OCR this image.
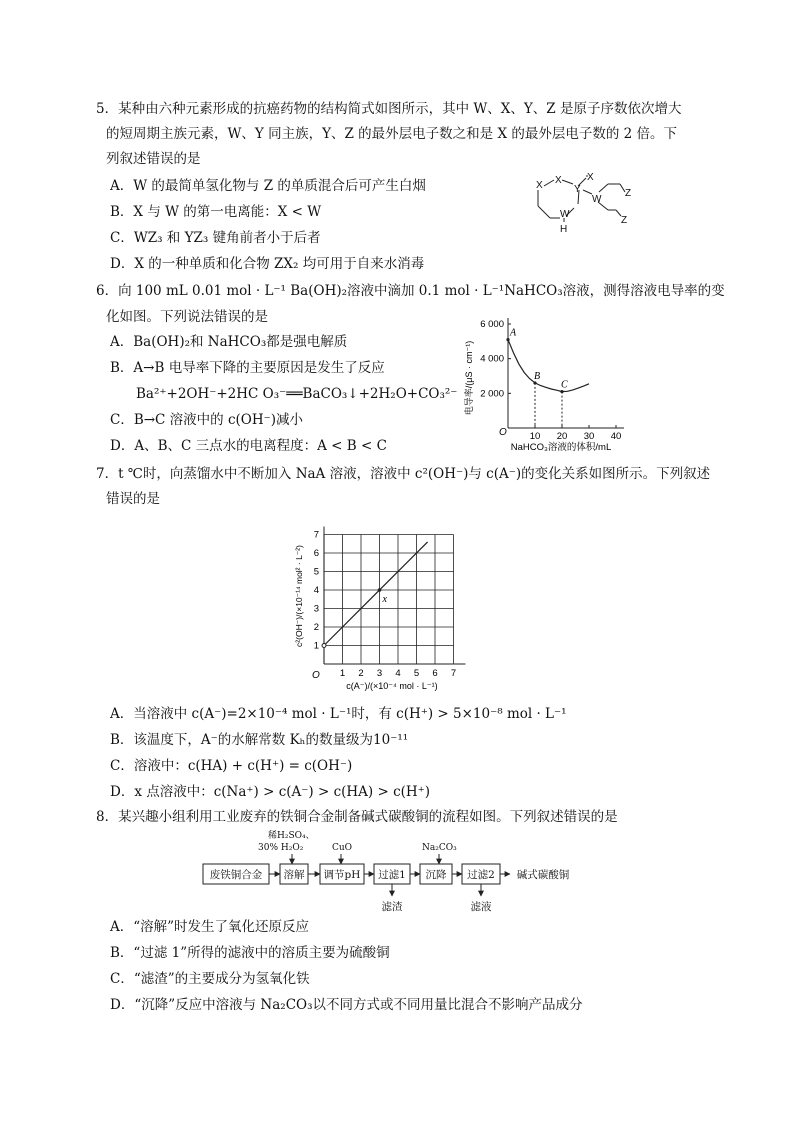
5．某种由六种元素形成的抗癌药物的结构简式如图所示，其中 W、X、Y、Z 是原子序数依次增大
的短周期主族元素，W、Y 同主族，Y、Z 的最外层电子数之和是 X 的最外层电子数的 2 倍。下
列叙述错误的是
A．W 的最简单氢化物与 Z 的单质混合后可产生白烟
B．X 与 W 的第一电离能：X < W
C．WZ₃ 和 YZ₃ 键角前者小于后者
D．X 的一种单质和化合物 ZX₂ 均可用于自来水消毒
X X
Y
X
W
W
H
Z
Z
6．向 100 mL 0.01 mol · L⁻¹ Ba(OH)₂溶液中滴加 0.1 mol · L⁻¹NaHCO₃溶液，测得溶液电导率的变
化如图。下列说法错误的是
A．Ba(OH)₂和 NaHCO₃都是强电解质
B．A→B 电导率下降的主要原因是发生了反应
Ba²⁺+2OH⁻+2HC O₃⁻══BaCO₃↓+2H₂O+CO₃²⁻
C．B→C 溶液中的 c(OH⁻)减小
D．A、B、C 三点水的电离程度：A < B < C
10 20 30 40
2 000
4 000
6 000
A
B
C
电导率/(μS · cm⁻¹)
NaHCO₃溶液的体积/mL
O
7．t ℃时，向蒸馏水中不断加入 NaA 溶液，溶液中 c²(OH⁻)与 c(A⁻)的变化关系如图所示。下列叙述
错误的是
1 2 3 4 5 6 7
1
2
3
4
5
6
7
x
c²(OH⁻)/(×10⁻¹⁴ mol² · L⁻²)
c(A⁻)/(×10⁻⁴ mol · L⁻¹)
O
A．当溶液中 c(A⁻)=2×10⁻⁴ mol · L⁻¹时，有 c(H⁺) > 5×10⁻⁸ mol · L⁻¹
B．该温度下，A⁻的水解常数 Kₕ的数量级为10⁻¹¹
C．溶液中：c(HA) + c(H⁺) = c(OH⁻)
D．x 点溶液中：c(Na⁺) > c(A⁻) > c(HA) > c(H⁺)
8．某兴趣小组利用工业废弃的铁铜合金制备碱式碳酸铜的流程如图。下列叙述错误的是
稀H₂SO₄、
30% H₂O₂	CuO	Na₂CO₃
废铁铜合金 溶解 调节pH 过滤1 沉降 过滤2 碱式碳酸铜
滤渣	滤液
A．“溶解”时发生了氧化还原反应
B．“过滤 1”所得的滤液中的溶质主要为硫酸铜
C．“滤渣”的主要成分为氢氧化铁
D．“沉降”反应中溶液与 Na₂CO₃以不同方式或不同用量比混合不影响产品成分
